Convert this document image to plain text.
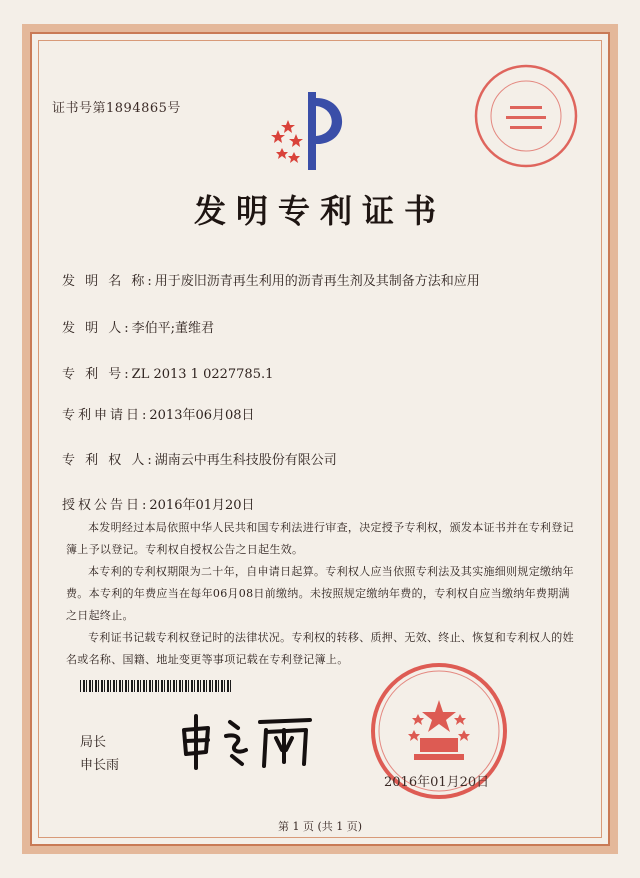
证书号第1894865号
发明专利证书
发 明 名 称:用于废旧沥青再生利用的沥青再生剂及其制备方法和应用
发 明 人:李伯平;董维君
专 利 号:ZL 2013 1 0227785.1
专利申请日:2013年06月08日
专 利 权 人:湖南云中再生科技股份有限公司
授权公告日:2016年01月20日

本发明经过本局依照中华人民共和国专利法进行审查，决定授予专利权，颁发本证书并在专利登记簿上予以登记。专利权自授权公告之日起生效。

本专利的专利权期限为二十年，自申请日起算。专利权人应当依照专利法及其实施细则规定缴纳年费。本专利的年费应当在每年06月08日前缴纳。未按照规定缴纳年费的，专利权自应当缴纳年费期满之日起终止。

专利证书记载专利权登记时的法律状况。专利权的转移、质押、无效、终止、恢复和专利权人的姓名或名称、国籍、地址变更等事项记载在专利登记簿上。

局长
申长雨
2016年01月20日
第 1 页 (共 1 页)
